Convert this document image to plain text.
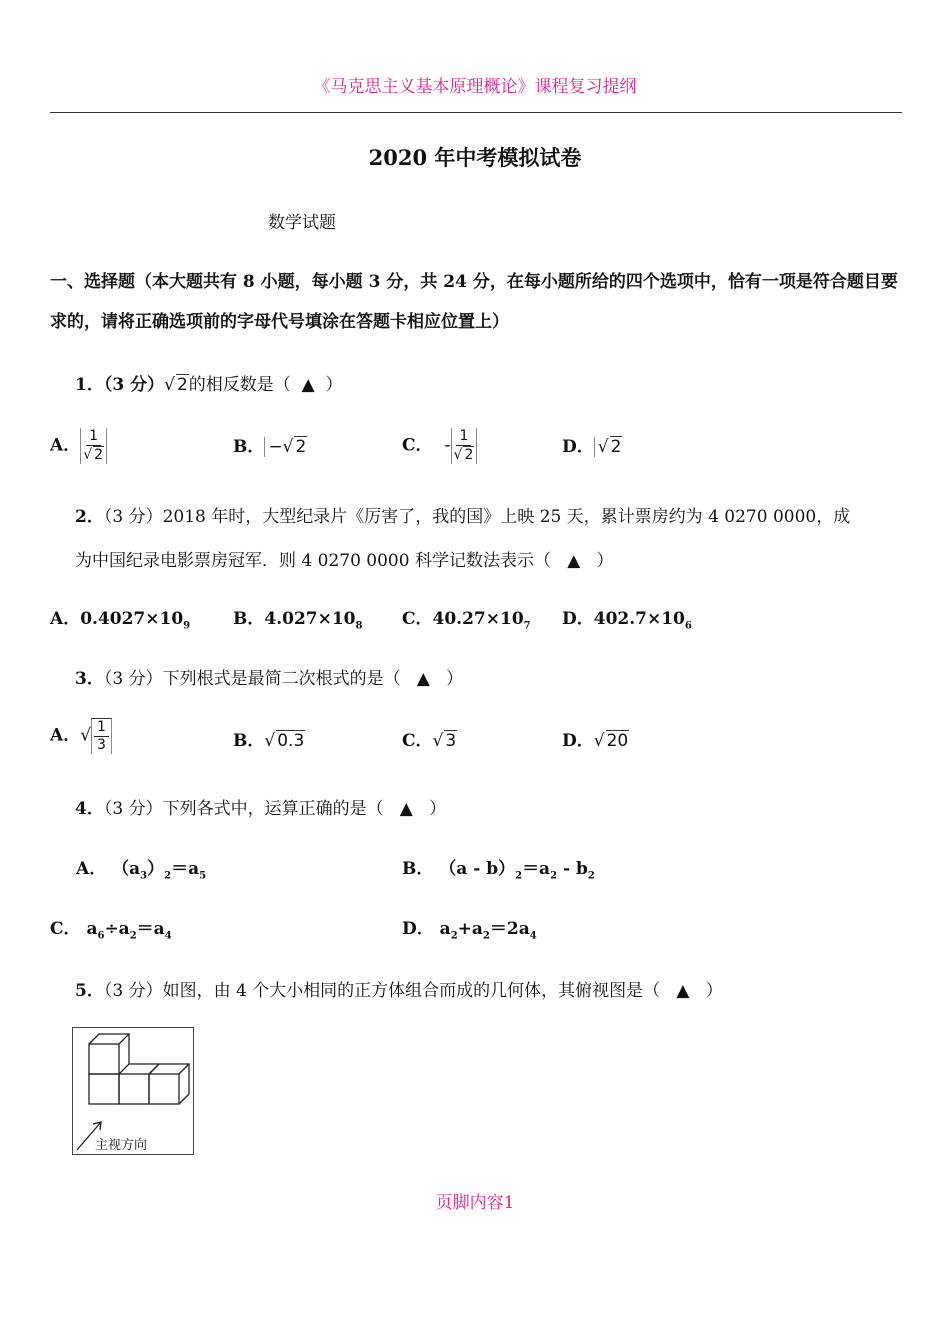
《马克思主义基本原理概论》课程复习提纲
2020 年中考模拟试卷
数学试题
一、选择题（本大题共有 8 小题，每小题 3 分，共 24 分，在每小题所给的四个选项中，恰有一项是符合题目要求的，请将正确选项前的字母代号填涂在答题卡相应位置上）
1．（3 分）√ 2的相反数是（ ▲ ）
A． $\frac{1}{√ 2}$	B． −√ 2	C． - $\frac{1}{√ 2}$	D． √ 2
2．（3 分）2018 年时，大型纪录片《厉害了，我的国》上映 25 天，累计票房约为 4 0270 0000，成
为中国纪录电影票房冠军．则 4 0270 0000 科学记数法表示（ ▲ ）
A．$0.4027\times 10_9$	B．$4.027\times 10_8$ C．$40.27\times 10_7$ D．$402.7\times 10_6$
3．（3 分）下列根式是最简二次根式的是（ ▲ ）
A．√ $\frac{1}{3}$	B．√ 0.3	C．√ 3	D．√ 20
4．（3 分）下列各式中，运算正确的是（ ▲ ）
A． $(a_3)_2=a_5$	B． $(a - b)_2=a_2 - b_2$
C． $a_6\div a_2=a_4$	D． $a_2+a_2=2a_4$
5．（3 分）如图，由 4 个大小相同的正方体组合而成的几何体，其俯视图是（ ▲ ）
主视方向
页脚内容1
